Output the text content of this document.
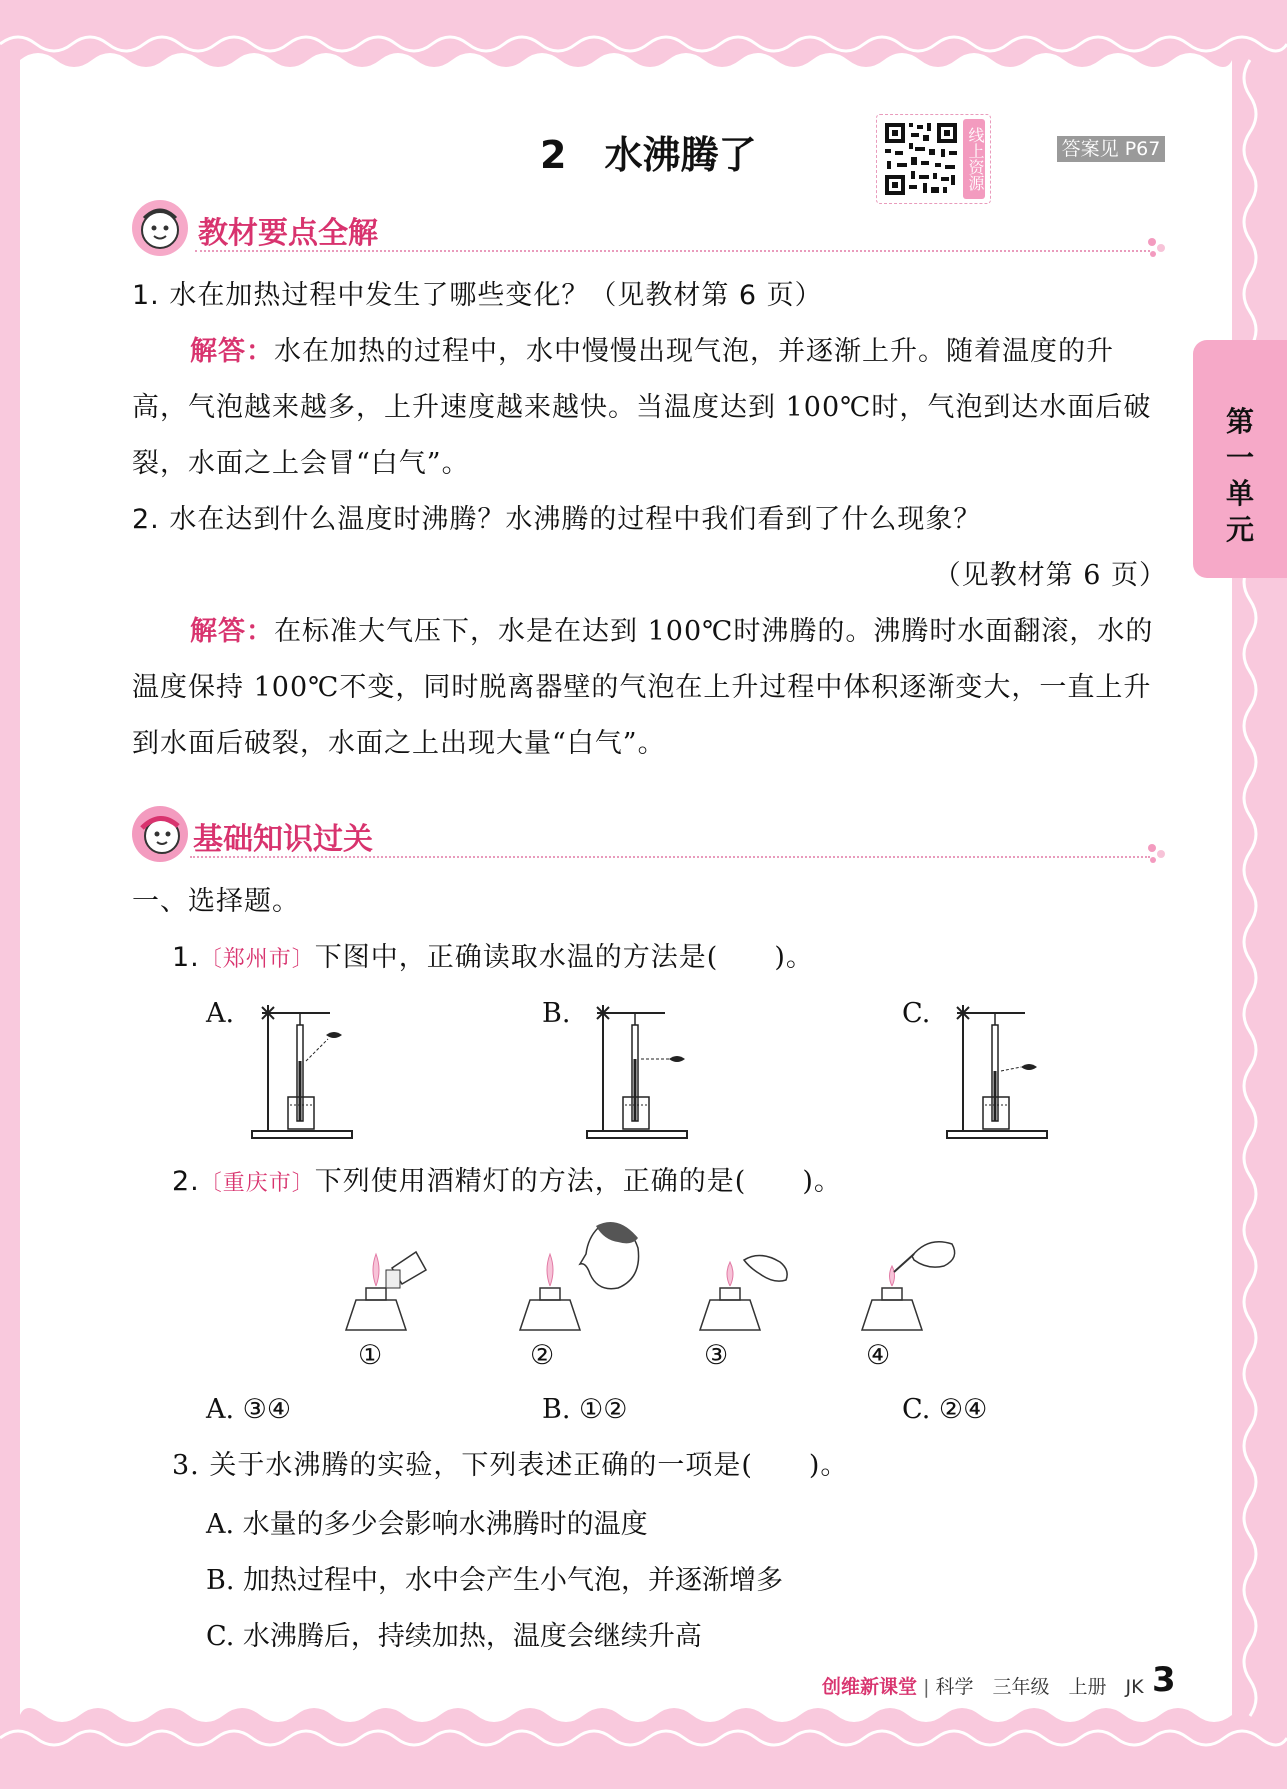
第
一
单
元
2　水沸腾了	线上资源	答案见 P67
教材要点全解
1. 水在加热过程中发生了哪些变化？（见教材第 6 页）
解答：水在加热的过程中，水中慢慢出现气泡，并逐渐上升。随着温度的升
高，气泡越来越多，上升速度越来越快。当温度达到 100℃时，气泡到达水面后破
裂，水面之上会冒“白气”。
2. 水在达到什么温度时沸腾？水沸腾的过程中我们看到了什么现象？
（见教材第 6 页）
解答：在标准大气压下，水是在达到 100℃时沸腾的。沸腾时水面翻滚，水的
温度保持 100℃不变，同时脱离器壁的气泡在上升过程中体积逐渐变大，一直上升
到水面后破裂，水面之上出现大量“白气”。
基础知识过关
一、选择题。
1.〔郑州市〕下图中，正确读取水温的方法是(　　)。
A.	B.	C.
2.〔重庆市〕下列使用酒精灯的方法，正确的是(　　)。
①	②	③	④
A. ③④	B. ①②	C. ②④
3. 关于水沸腾的实验，下列表述正确的一项是(　　)。
A. 水量的多少会影响水沸腾时的温度
B. 加热过程中，水中会产生小气泡，并逐渐增多
C. 水沸腾后，持续加热，温度会继续升高
创维新课堂 | 科学　三年级　上册　JK 3
